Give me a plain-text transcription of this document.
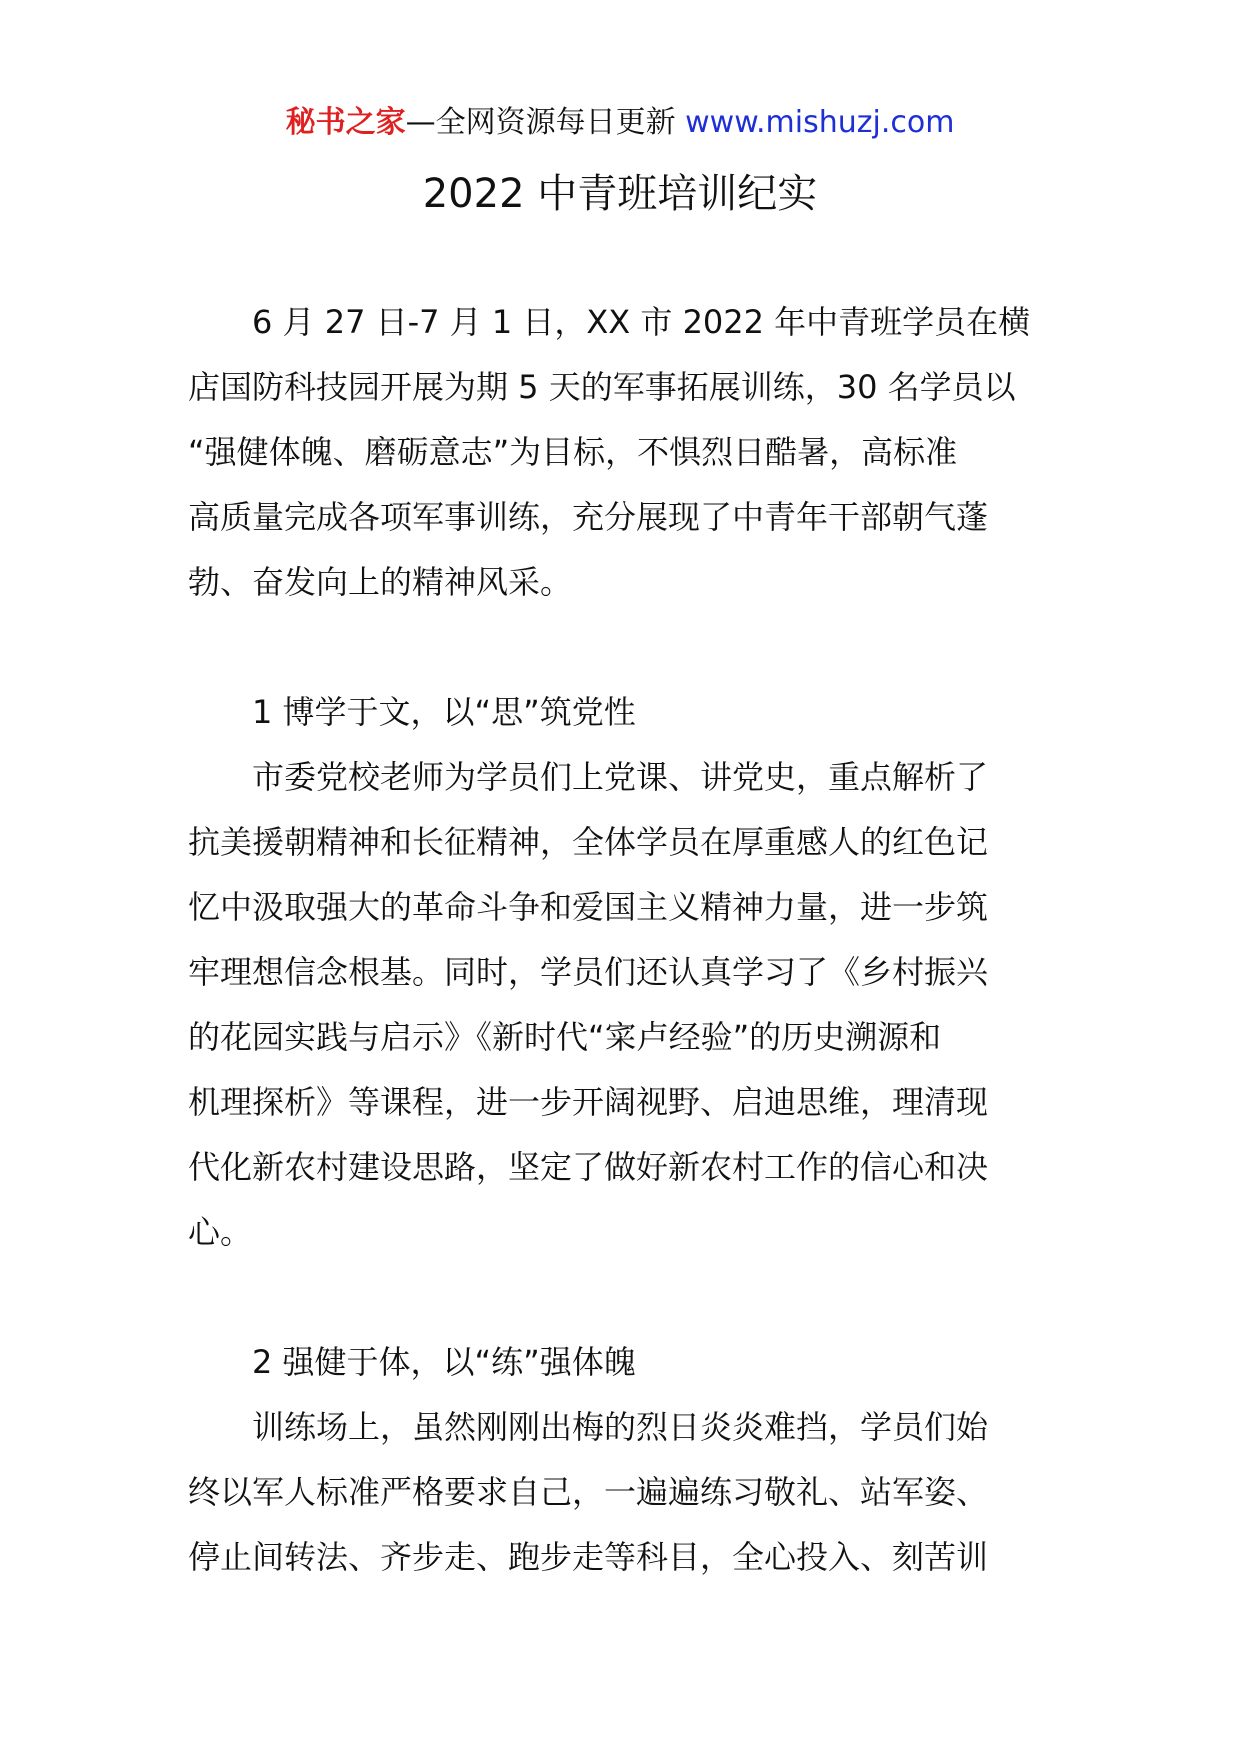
秘书之家—全网资源每日更新 www.mishuzj.com
2022 中青班培训纪实
6 月 27 日-7 月 1 日，XX 市 2022 年中青班学员在横
店国防科技园开展为期 5 天的军事拓展训练，30 名学员以
“强健体魄、磨砺意志”为目标，不惧烈日酷暑，高标准
高质量完成各项军事训练，充分展现了中青年干部朝气蓬
勃、奋发向上的精神风采。
1 博学于文，以“思”筑党性
市委党校老师为学员们上党课、讲党史，重点解析了
抗美援朝精神和长征精神，全体学员在厚重感人的红色记
忆中汲取强大的革命斗争和爱国主义精神力量，进一步筑
牢理想信念根基。同时，学员们还认真学习了《乡村振兴
的花园实践与启示》《新时代“寀卢经验”的历史溯源和
机理探析》等课程，进一步开阔视野、启迪思维，理清现
代化新农村建设思路，坚定了做好新农村工作的信心和决
心。
2 强健于体，以“练”强体魄
训练场上，虽然刚刚出梅的烈日炎炎难挡，学员们始
终以军人标准严格要求自己，一遍遍练习敬礼、站军姿、
停止间转法、齐步走、跑步走等科目，全心投入、刻苦训
